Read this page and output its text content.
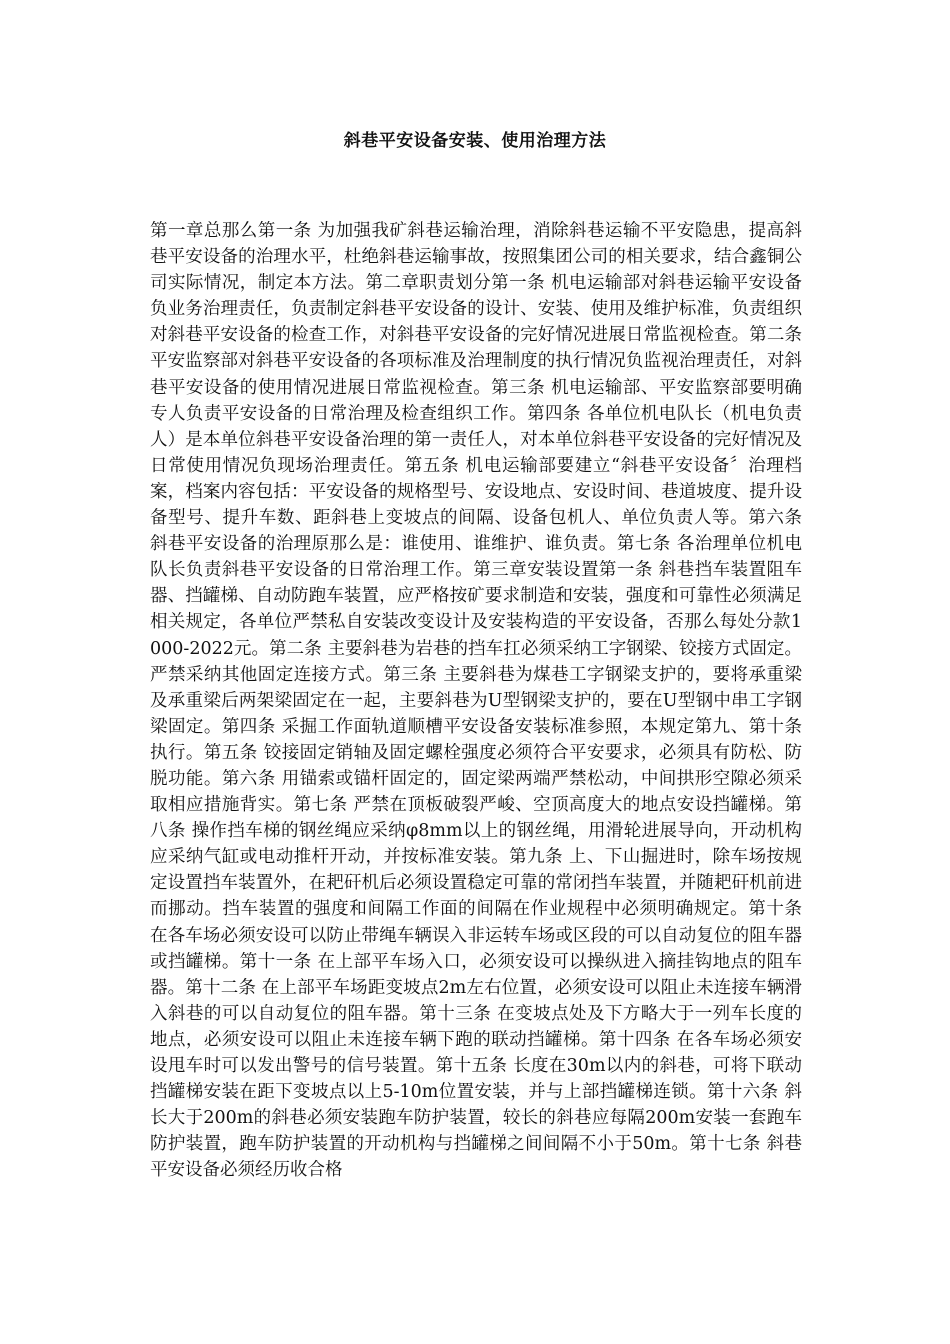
斜巷平安设备安装、使用治理方法

第一章总那么第一条 为加强我矿斜巷运输治理，消除斜巷运输不平安隐患，提高斜巷平安设备的治理水平，杜绝斜巷运输事故，按照集团公司的相关要求，结合鑫铜公司实际情况，制定本方法。第二章职责划分第一条 机电运输部对斜巷运输平安设备负业务治理责任，负责制定斜巷平安设备的设计、安装、使用及维护标准，负责组织对斜巷平安设备的检查工作，对斜巷平安设备的完好情况进展日常监视检查。第二条 平安监察部对斜巷平安设备的各项标准及治理制度的执行情况负监视治理责任，对斜巷平安设备的使用情况进展日常监视检查。第三条 机电运输部、平安监察部要明确专人负责平安设备的日常治理及检查组织工作。第四条 各单位机电队长（机电负责人）是本单位斜巷平安设备治理的第一责任人，对本单位斜巷平安设备的完好情况及日常使用情况负现场治理责任。第五条 机电运输部要建立“斜巷平安设备〞治理档案，档案内容包括：平安设备的规格型号、安设地点、安设时间、巷道坡度、提升设备型号、提升车数、距斜巷上变坡点的间隔、设备包机人、单位负责人等。第六条 斜巷平安设备的治理原那么是：谁使用、谁维护、谁负责。第七条 各治理单位机电队长负责斜巷平安设备的日常治理工作。第三章安装设置第一条 斜巷挡车装置阻车器、挡罐梯、自动防跑车装置，应严格按矿要求制造和安装，强度和可靠性必须满足相关规定，各单位严禁私自安装改变设计及安装构造的平安设备，否那么每处分款1000-2022元。第二条 主要斜巷为岩巷的挡车扛必须采纳工字钢梁、铰接方式固定。严禁采纳其他固定连接方式。第三条 主要斜巷为煤巷工字钢梁支护的，要将承重梁及承重梁后两架梁固定在一起，主要斜巷为U型钢梁支护的，要在U型钢中串工字钢梁固定。第四条 采掘工作面轨道顺槽平安设备安装标准参照，本规定第九、第十条执行。第五条 铰接固定销轴及固定螺栓强度必须符合平安要求，必须具有防松、防脱功能。第六条 用锚索或锚杆固定的，固定梁两端严禁松动，中间拱形空隙必须采取相应措施背实。第七条 严禁在顶板破裂严峻、空顶高度大的地点安设挡罐梯。第八条 操作挡车梯的钢丝绳应采纳φ8mm以上的钢丝绳，用滑轮进展导向，开动机构应采纳气缸或电动推杆开动，并按标准安装。第九条 上、下山掘进时，除车场按规定设置挡车装置外，在耙矸机后必须设置稳定可靠的常闭挡车装置，并随耙矸机前进而挪动。挡车装置的强度和间隔工作面的间隔在作业规程中必须明确规定。第十条 在各车场必须安设可以防止带绳车辆误入非运转车场或区段的可以自动复位的阻车器或挡罐梯。第十一条 在上部平车场入口，必须安设可以操纵进入摘挂钩地点的阻车器。第十二条 在上部平车场距变坡点2m左右位置，必须安设可以阻止未连接车辆滑入斜巷的可以自动复位的阻车器。第十三条 在变坡点处及下方略大于一列车长度的地点，必须安设可以阻止未连接车辆下跑的联动挡罐梯。第十四条 在各车场必须安设甩车时可以发出警号的信号装置。第十五条 长度在30m以内的斜巷，可将下联动挡罐梯安装在距下变坡点以上5-10m位置安装，并与上部挡罐梯连锁。第十六条 斜长大于200m的斜巷必须安装跑车防护装置，较长的斜巷应每隔200m安装一套跑车防护装置，跑车防护装置的开动机构与挡罐梯之间间隔不小于50m。第十七条 斜巷平安设备必须经历收合格
